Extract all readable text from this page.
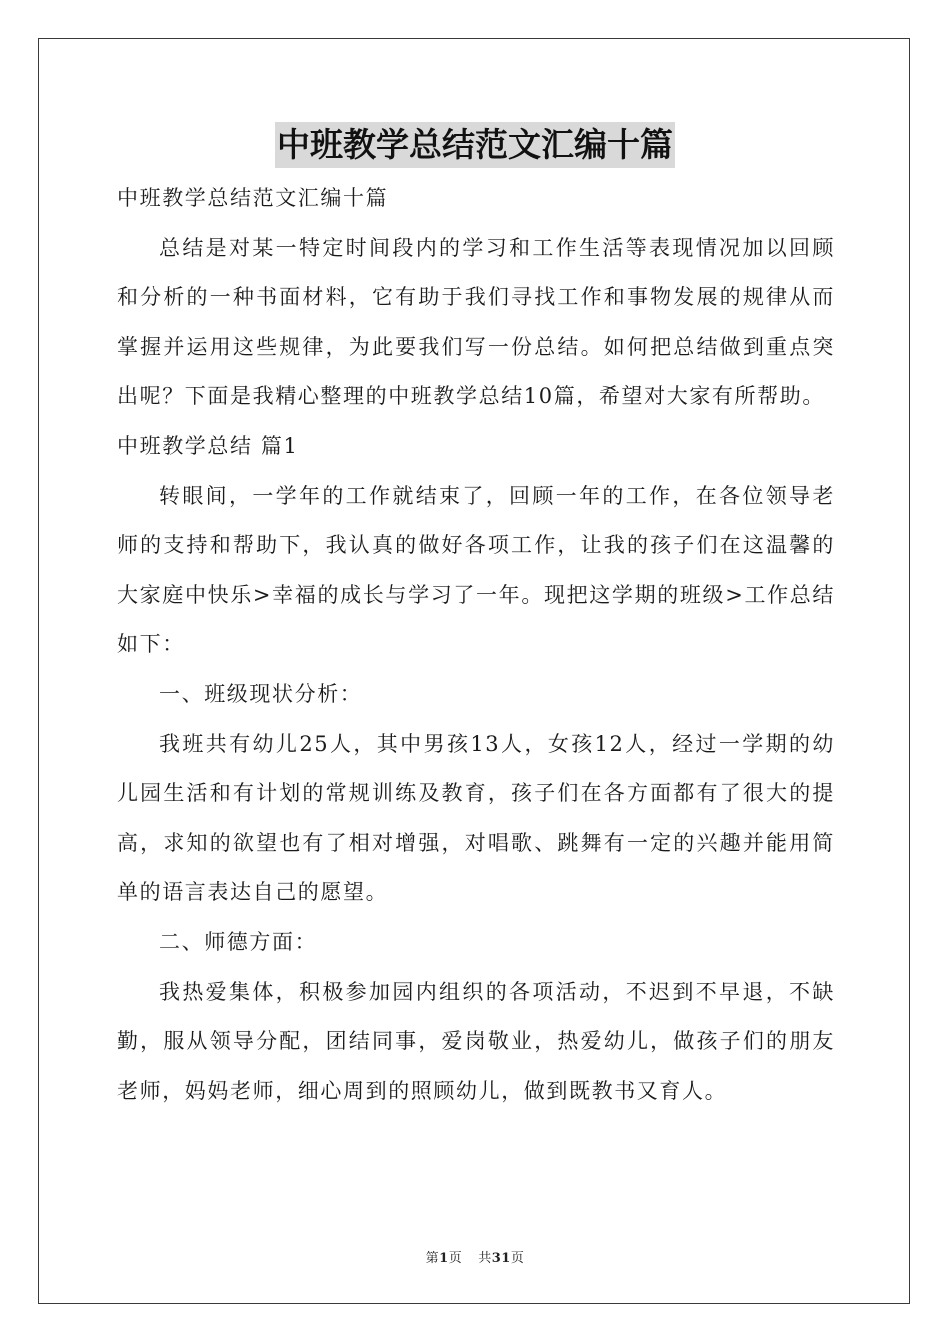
中班教学总结范文汇编十篇

中班教学总结范文汇编十篇

总结是对某一特定时间段内的学习和工作生活等表现情况加以回顾和分析的一种书面材料，它有助于我们寻找工作和事物发展的规律从而掌握并运用这些规律，为此要我们写一份总结。如何把总结做到重点突出呢？下面是我精心整理的中班教学总结10篇，希望对大家有所帮助。

中班教学总结 篇1

转眼间，一学年的工作就结束了，回顾一年的工作，在各位领导老师的支持和帮助下，我认真的做好各项工作，让我的孩子们在这温馨的大家庭中快乐>幸福的成长与学习了一年。现把这学期的班级>工作总结如下：

一、班级现状分析：

我班共有幼儿25人，其中男孩13人，女孩12人，经过一学期的幼儿园生活和有计划的常规训练及教育，孩子们在各方面都有了很大的提高，求知的欲望也有了相对增强，对唱歌、跳舞有一定的兴趣并能用简单的语言表达自己的愿望。

二、师德方面：

我热爱集体，积极参加园内组织的各项活动，不迟到不早退，不缺勤，服从领导分配，团结同事，爱岗敬业，热爱幼儿，做孩子们的朋友老师，妈妈老师，细心周到的照顾幼儿，做到既教书又育人。

第1页 共31页
